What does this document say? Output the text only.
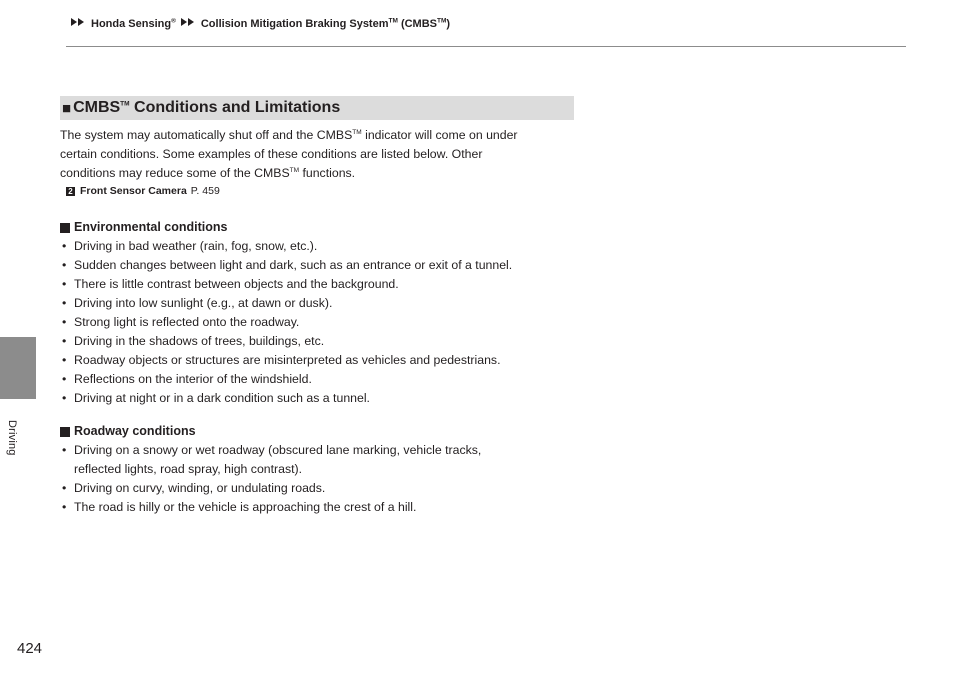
Honda Sensing® Collision Mitigation Braking System™ (CMBS™)
Driving
424
■ CMBS™ Conditions and Limitations

The system may automatically shut off and the CMBS™ indicator will come on under

certain conditions. Some examples of these conditions are listed below. Other

conditions may reduce some of the CMBS™ functions.

2 Front Sensor Camera P. 459
Environmental conditions
• Driving in bad weather (rain, fog, snow, etc.).
• Sudden changes between light and dark, such as an entrance or exit of a tunnel.
• There is little contrast between objects and the background.
• Driving into low sunlight (e.g., at dawn or dusk).
• Strong light is reflected onto the roadway.
• Driving in the shadows of trees, buildings, etc.
• Roadway objects or structures are misinterpreted as vehicles and pedestrians.
• Reflections on the interior of the windshield.
• Driving at night or in a dark condition such as a tunnel.
Roadway conditions
• Driving on a snowy or wet roadway (obscured lane marking, vehicle tracks,
reflected lights, road spray, high contrast).
• Driving on curvy, winding, or undulating roads.
• The road is hilly or the vehicle is approaching the crest of a hill.
